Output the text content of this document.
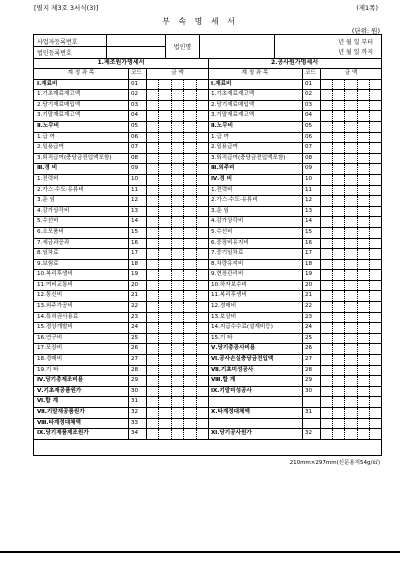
[별지 제3호 3서식(3)]	(제1쪽)
부 속 명 세 서
(단위: 원)
사업자등록번호
법인등록번호
법인명
년 월 일 부터
년 월 일 까지
1.제조원가명세서
계 정 과 목	코드	금 액
Ⅰ.재료비	01
1.기초재료재고액	02
2.당기재료매입액	03
3.기말재료재고액	04
Ⅱ.노무비	05
1.급 여	06
2.일용급여	07
3.퇴직급여(충당금전입액포함)	08
Ⅲ.경 비	09
1.전력비	10
2.가스·수도·유류비	11
3.운 임	12
4.감가상각비	13
5.수선비	14
6.소모품비	15
7.세금과공과	16
8.임차료	17
9.보험료	18
10.복리후생비	19
11.여비교통비	20
12.통신비	21
13.외주가공비	22
14.특허권사용료	23
15.경상개발비	24
16.연구비	25
17.포장비	26
18.경매비	27
19.기 타	28
Ⅳ.당기총제조비용	29
Ⅴ.기초재공품원가	30
Ⅵ.합 계	31
Ⅶ.기말재공품원가	32
Ⅷ.타계정대체액	33
Ⅸ.당기제품제조원가	34
2.공사원가명세서
계 정 과 목	코드	금 액
Ⅰ.재료비	01
1.기초재료재고액	02
2.당기재료매입액	03
3.기말재료재고액	04
Ⅱ.노무비	05
1.급 여	06
2.일용급여	07
3.퇴직급여(충당금전입액포함)	08
Ⅲ.외주비	09
Ⅳ.경 비	10
1.전력비	11
2.가스·수도·유류비	12
3.운 임	13
4.감가상각비	14
5.수선비	15
6.중장비유지비	16
7.중기임차료	17
8.차량유지비	18
9.현장관리비	19
10.하자보수비	20
11.복리후생비	21
12.경매비	22
13.보상비	23
14.지급수수료(설계비등)	24
15.기 타	25
Ⅴ.당기총공사비용	26
Ⅵ.공사손실충당금전입액	27
Ⅶ.기초미성공사	28
Ⅷ.합 계	29
Ⅸ.기말미성공사	30
Ⅹ.타계정대체액	31
Ⅺ.당기공사원가	32
210mm×297mm(신문용지54g/㎡)
